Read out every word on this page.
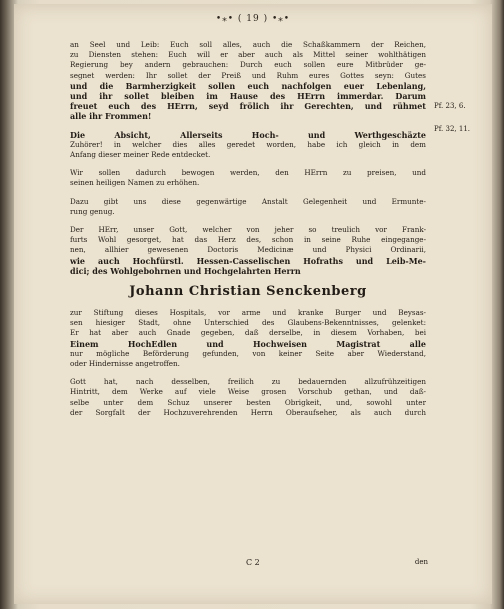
•⁎• ( 19 ) •⁎•
Pf. 23, 6.
Pf. 32, 11.

an Seel und Leib: Euch soll alles, auch die Schaßkammern der Reichen,

zu Diensten stehen: Euch will er aber auch als Mittel seiner wohlthätigen

Regierung bey andern gebrauchen: Durch euch sollen eure Mitbrüder ge-

segnet werden: Ihr sollet der Preiß und Ruhm eures Gottes seyn: Gutes

und die Barmherzigkeit sollen euch nachfolgen euer Lebenlang,

und ihr sollet bleiben im Hause des HErrn immerdar. Darum

freuet euch des HErrn, seyd frölich ihr Gerechten, und rühmet

alle ihr Frommen!

Die Absicht, Allerseits Hoch- und Werthgeschäzte

Zuhörer! in welcher dies alles geredet worden, habe ich gleich in dem

Anfang dieser meiner Rede entdecket.

Wir sollen dadurch bewogen werden, den HErrn zu preisen, und

seinen heiligen Namen zu erhöhen.

Dazu gibt uns diese gegenwärtige Anstalt Gelegenheit und Ermunte-

rung genug.

Der HErr, unser Gott, welcher von jeher so treulich vor Frank-

furts Wohl gesorget, hat das Herz des, schon in seine Ruhe eingegange-

nen, allhier gewesenen Doctoris Medicinæ und Physici Ordinarii,

wie auch Hochfürstl. Hessen-Casselischen Hofraths und Leib-Me-

dici; des Wohlgebohrnen und Hochgelahrten Herrn

Johann Christian Senckenberg

zur Stiftung dieses Hospitals, vor arme und kranke Burger und Beysas-

sen hiesiger Stadt, ohne Unterschied des Glaubens-Bekenntnisses, gelenket:

Er hat aber auch Gnade gegeben, daß derselbe, in diesem Vorhaben, bei

Einem HochEdlen und Hochweisen Magistrat alle

nur mögliche Beförderung gefunden, von keiner Seite aber Wiederstand,

oder Hindernisse angetroffen.

Gott hat, nach desselben, freilich zu bedauernden allzufrühzeitigen

Hintritt, dem Werke auf viele Weise grosen Vorschub gethan, und daß-

selbe unter dem Schuz unserer besten Obrigkeit, und, sowohl unter

der Sorgfalt der Hochzuverehrenden Herrn Oberaufseher, als auch durch

C 2	den
